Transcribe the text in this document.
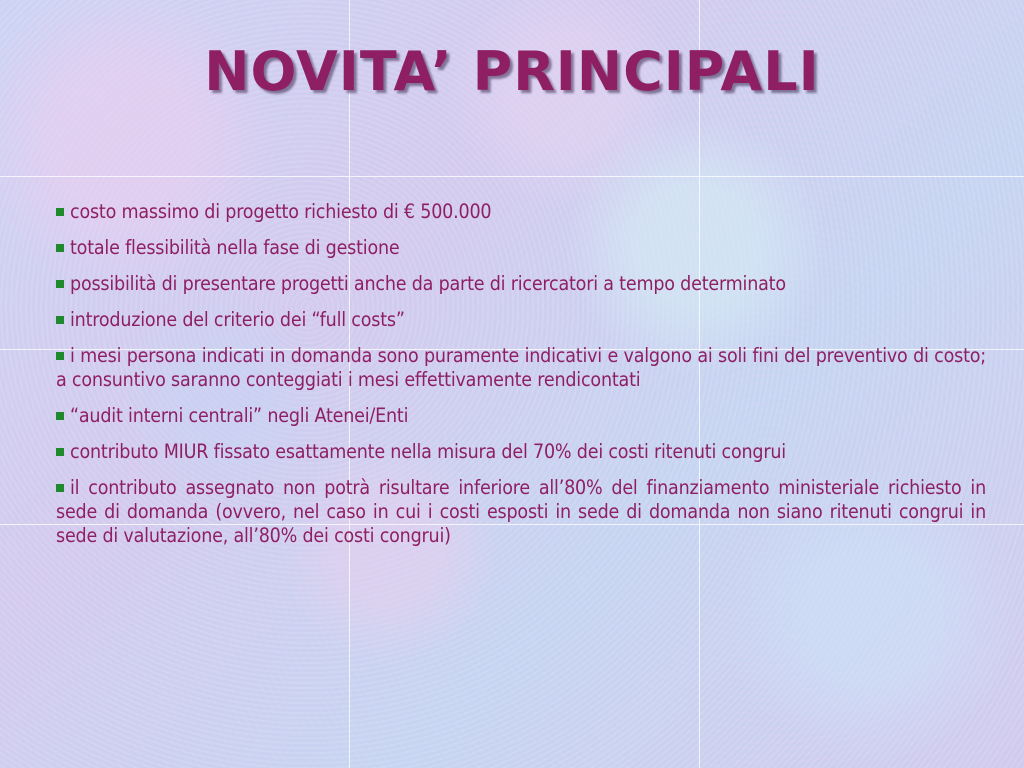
NOVITA’ PRINCIPALI
costo massimo di progetto richiesto di € 500.000
totale flessibilità nella fase di gestione
possibilità di presentare progetti anche da parte di ricercatori a tempo determinato
introduzione del criterio dei “full costs”
i mesi persona indicati in domanda sono puramente indicativi e valgono ai soli fini del preventivo di costo; a consuntivo saranno conteggiati i mesi effettivamente rendicontati
“audit interni centrali” negli Atenei/Enti
contributo MIUR fissato esattamente nella misura del 70% dei costi ritenuti congrui
il contributo assegnato non potrà risultare inferiore all’80% del finanziamento ministeriale richiesto in sede di domanda (ovvero, nel caso in cui i costi esposti in sede di domanda non siano ritenuti congrui in sede di valutazione, all’80% dei costi congrui)
